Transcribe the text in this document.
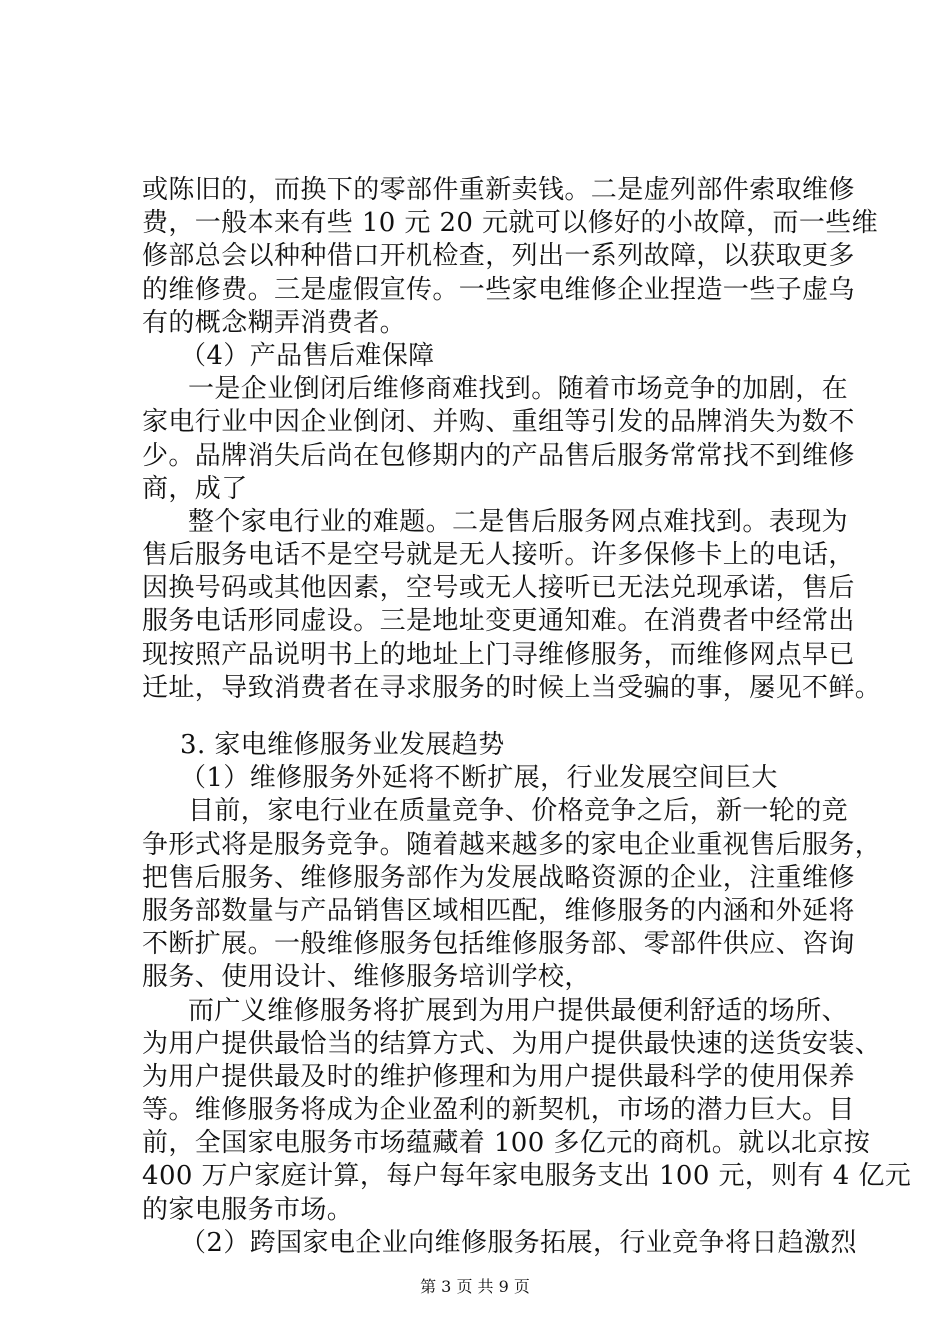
或陈旧的，而换下的零部件重新卖钱。二是虚列部件索取维修
费，一般本来有些 10 元 20 元就可以修好的小故障，而一些维
修部总会以种种借口开机检查，列出一系列故障，以获取更多
的维修费。三是虚假宣传。一些家电维修企业捏造一些子虚乌
有的概念糊弄消费者。
（4）产品售后难保障
一是企业倒闭后维修商难找到。随着市场竞争的加剧，在
家电行业中因企业倒闭、并购、重组等引发的品牌消失为数不
少。品牌消失后尚在包修期内的产品售后服务常常找不到维修
商，成了
整个家电行业的难题。二是售后服务网点难找到。表现为
售后服务电话不是空号就是无人接听。许多保修卡上的电话，
因换号码或其他因素，空号或无人接听已无法兑现承诺，售后
服务电话形同虚设。三是地址变更通知难。在消费者中经常出
现按照产品说明书上的地址上门寻维修服务，而维修网点早已
迁址，导致消费者在寻求服务的时候上当受骗的事，屡见不鲜。
3. 家电维修服务业发展趋势
（1）维修服务外延将不断扩展，行业发展空间巨大
目前，家电行业在质量竞争、价格竞争之后，新一轮的竞
争形式将是服务竞争。随着越来越多的家电企业重视售后服务，
把售后服务、维修服务部作为发展战略资源的企业，注重维修
服务部数量与产品销售区域相匹配，维修服务的内涵和外延将
不断扩展。一般维修服务包括维修服务部、零部件供应、咨询
服务、使用设计、维修服务培训学校，
而广义维修服务将扩展到为用户提供最便利舒适的场所、
为用户提供最恰当的结算方式、为用户提供最快速的送货安装、
为用户提供最及时的维护修理和为用户提供最科学的使用保养
等。维修服务将成为企业盈利的新契机，市场的潜力巨大。目
前，全国家电服务市场蕴藏着 100 多亿元的商机。就以北京按
400 万户家庭计算，每户每年家电服务支出 100 元，则有 4 亿元
的家电服务市场。
（2）跨国家电企业向维修服务拓展，行业竞争将日趋激烈
第 3 页 共 9 页
